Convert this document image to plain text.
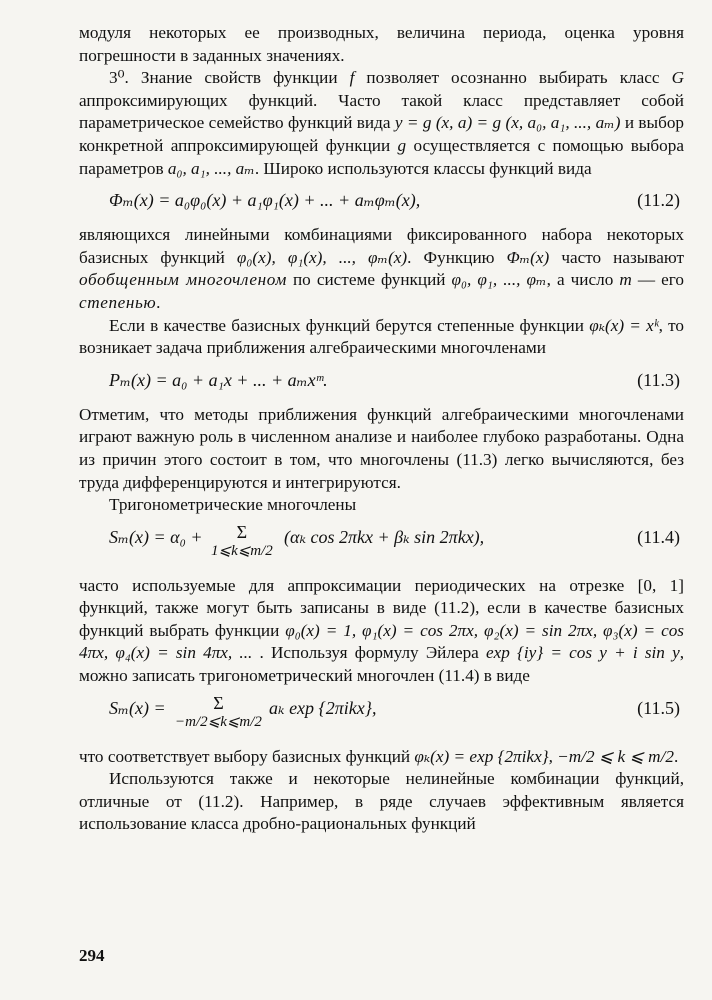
модуля некоторых ее производных, величина периода, оценка уровня погрешности в заданных значениях.

3⁰. Знание свойств функции f позволяет осознанно выбирать класс G аппроксимирующих функций. Часто такой класс представляет собой параметрическое семейство функций вида y = g (x, a) = g (x, a₀, a₁, ..., aₘ) и выбор конкретной аппроксимирующей функции g осуществляется с помощью выбора параметров a₀, a₁, ..., aₘ. Широко используются классы функций вида

Φₘ(x) = a₀φ₀(x) + a₁φ₁(x) + ... + aₘφₘ(x),	(11.2)

являющихся линейными комбинациями фиксированного набора некоторых базисных функций φ₀(x), φ₁(x), ..., φₘ(x). Функцию Φₘ(x) часто называют обобщенным многочленом по системе функций φ₀, φ₁, ..., φₘ, а число m — его степенью.

Если в качестве базисных функций берутся степенные функции φₖ(x) = xᵏ, то возникает задача приближения алгебраическими многочленами

Pₘ(x) = a₀ + a₁x + ... + aₘxᵐ.	(11.3)

Отметим, что методы приближения функций алгебраическими многочленами играют важную роль в численном анализе и наиболее глубоко разработаны. Одна из причин этого состоит в том, что многочлены (11.3) легко вычисляются, без труда дифференцируются и интегрируются.

Тригонометрические многочлены

Sₘ(x) = α₀ +	Σ
1⩽k⩽m/2
(αₖ cos 2πkx + βₖ sin 2πkx),	(11.4)

часто используемые для аппроксимации периодических на отрезке [0, 1] функций, также могут быть записаны в виде (11.2), если в качестве базисных функций выбрать функции φ₀(x) = 1, φ₁(x) = cos 2πx, φ₂(x) = sin 2πx, φ₃(x) = cos 4πx, φ₄(x) = sin 4πx, ... . Используя формулу Эйлера exp {iy} = cos y + i sin y, можно записать тригонометрический многочлен (11.4) в виде

Sₘ(x) =	Σ
−m/2⩽k⩽m/2
aₖ exp {2πikx},	(11.5)

что соответствует выбору базисных функций φₖ(x) = exp {2πikx}, −m/2 ⩽ k ⩽ m/2.

Используются также и некоторые нелинейные комбинации функций, отличные от (11.2). Например, в ряде случаев эффективным является использование класса дробно-рациональных функций

294
